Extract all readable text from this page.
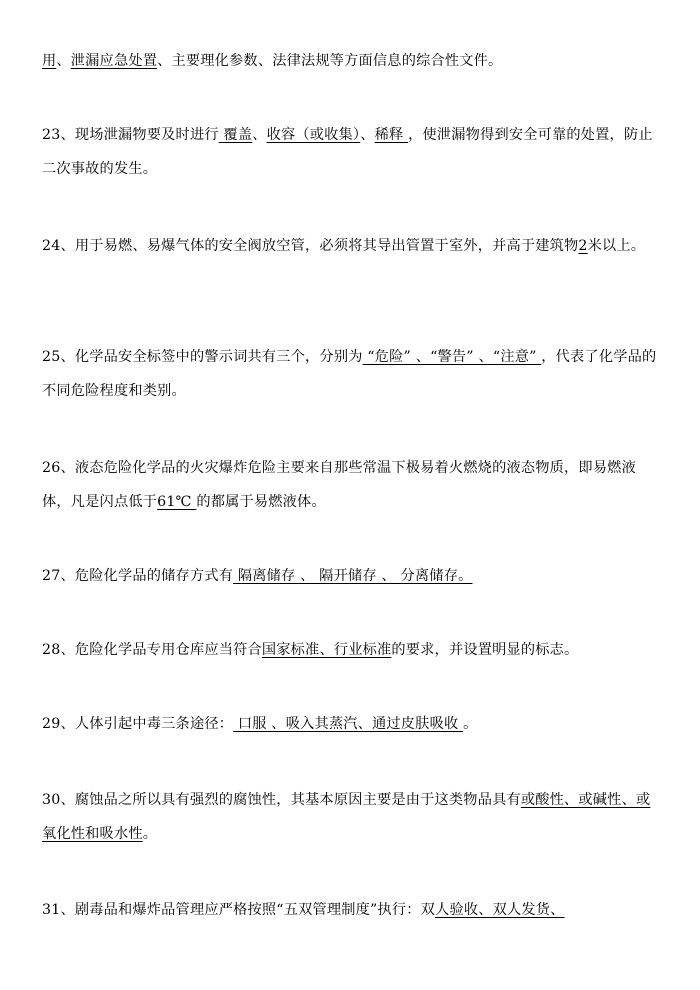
用、泄漏应急处置、主要理化参数、法律法规等方面信息的综合性文件。

23、现场泄漏物要及时进行 覆盖、收容（或收集）、稀释 ，使泄漏物得到安全可靠的处置，防止二次事故的发生。

24、用于易燃、易爆气体的安全阀放空管，必须将其导出管置于室外，并高于建筑物2米以上。

25、化学品安全标签中的警示词共有三个，分别为 “危险” 、“警告” 、“注意” ，代表了化学品的不同危险程度和类别。

26、液态危险化学品的火灾爆炸危险主要来自那些常温下极易着火燃烧的液态物质，即易燃液体，凡是闪点低于61℃ 的都属于易燃液体。

27、危险化学品的储存方式有 隔离储存 、 隔开储存 、 分离储存。

28、危险化学品专用仓库应当符合国家标准、行业标准的要求，并设置明显的标志。

29、人体引起中毒三条途径： 口服 、吸入其蒸汽、通过皮肤吸收 。

30、腐蚀品之所以具有强烈的腐蚀性，其基本原因主要是由于这类物品具有或酸性、或碱性、或氧化性和吸水性。

31、剧毒品和爆炸品管理应严格按照“五双管理制度”执行：双人验收、双人发货、
